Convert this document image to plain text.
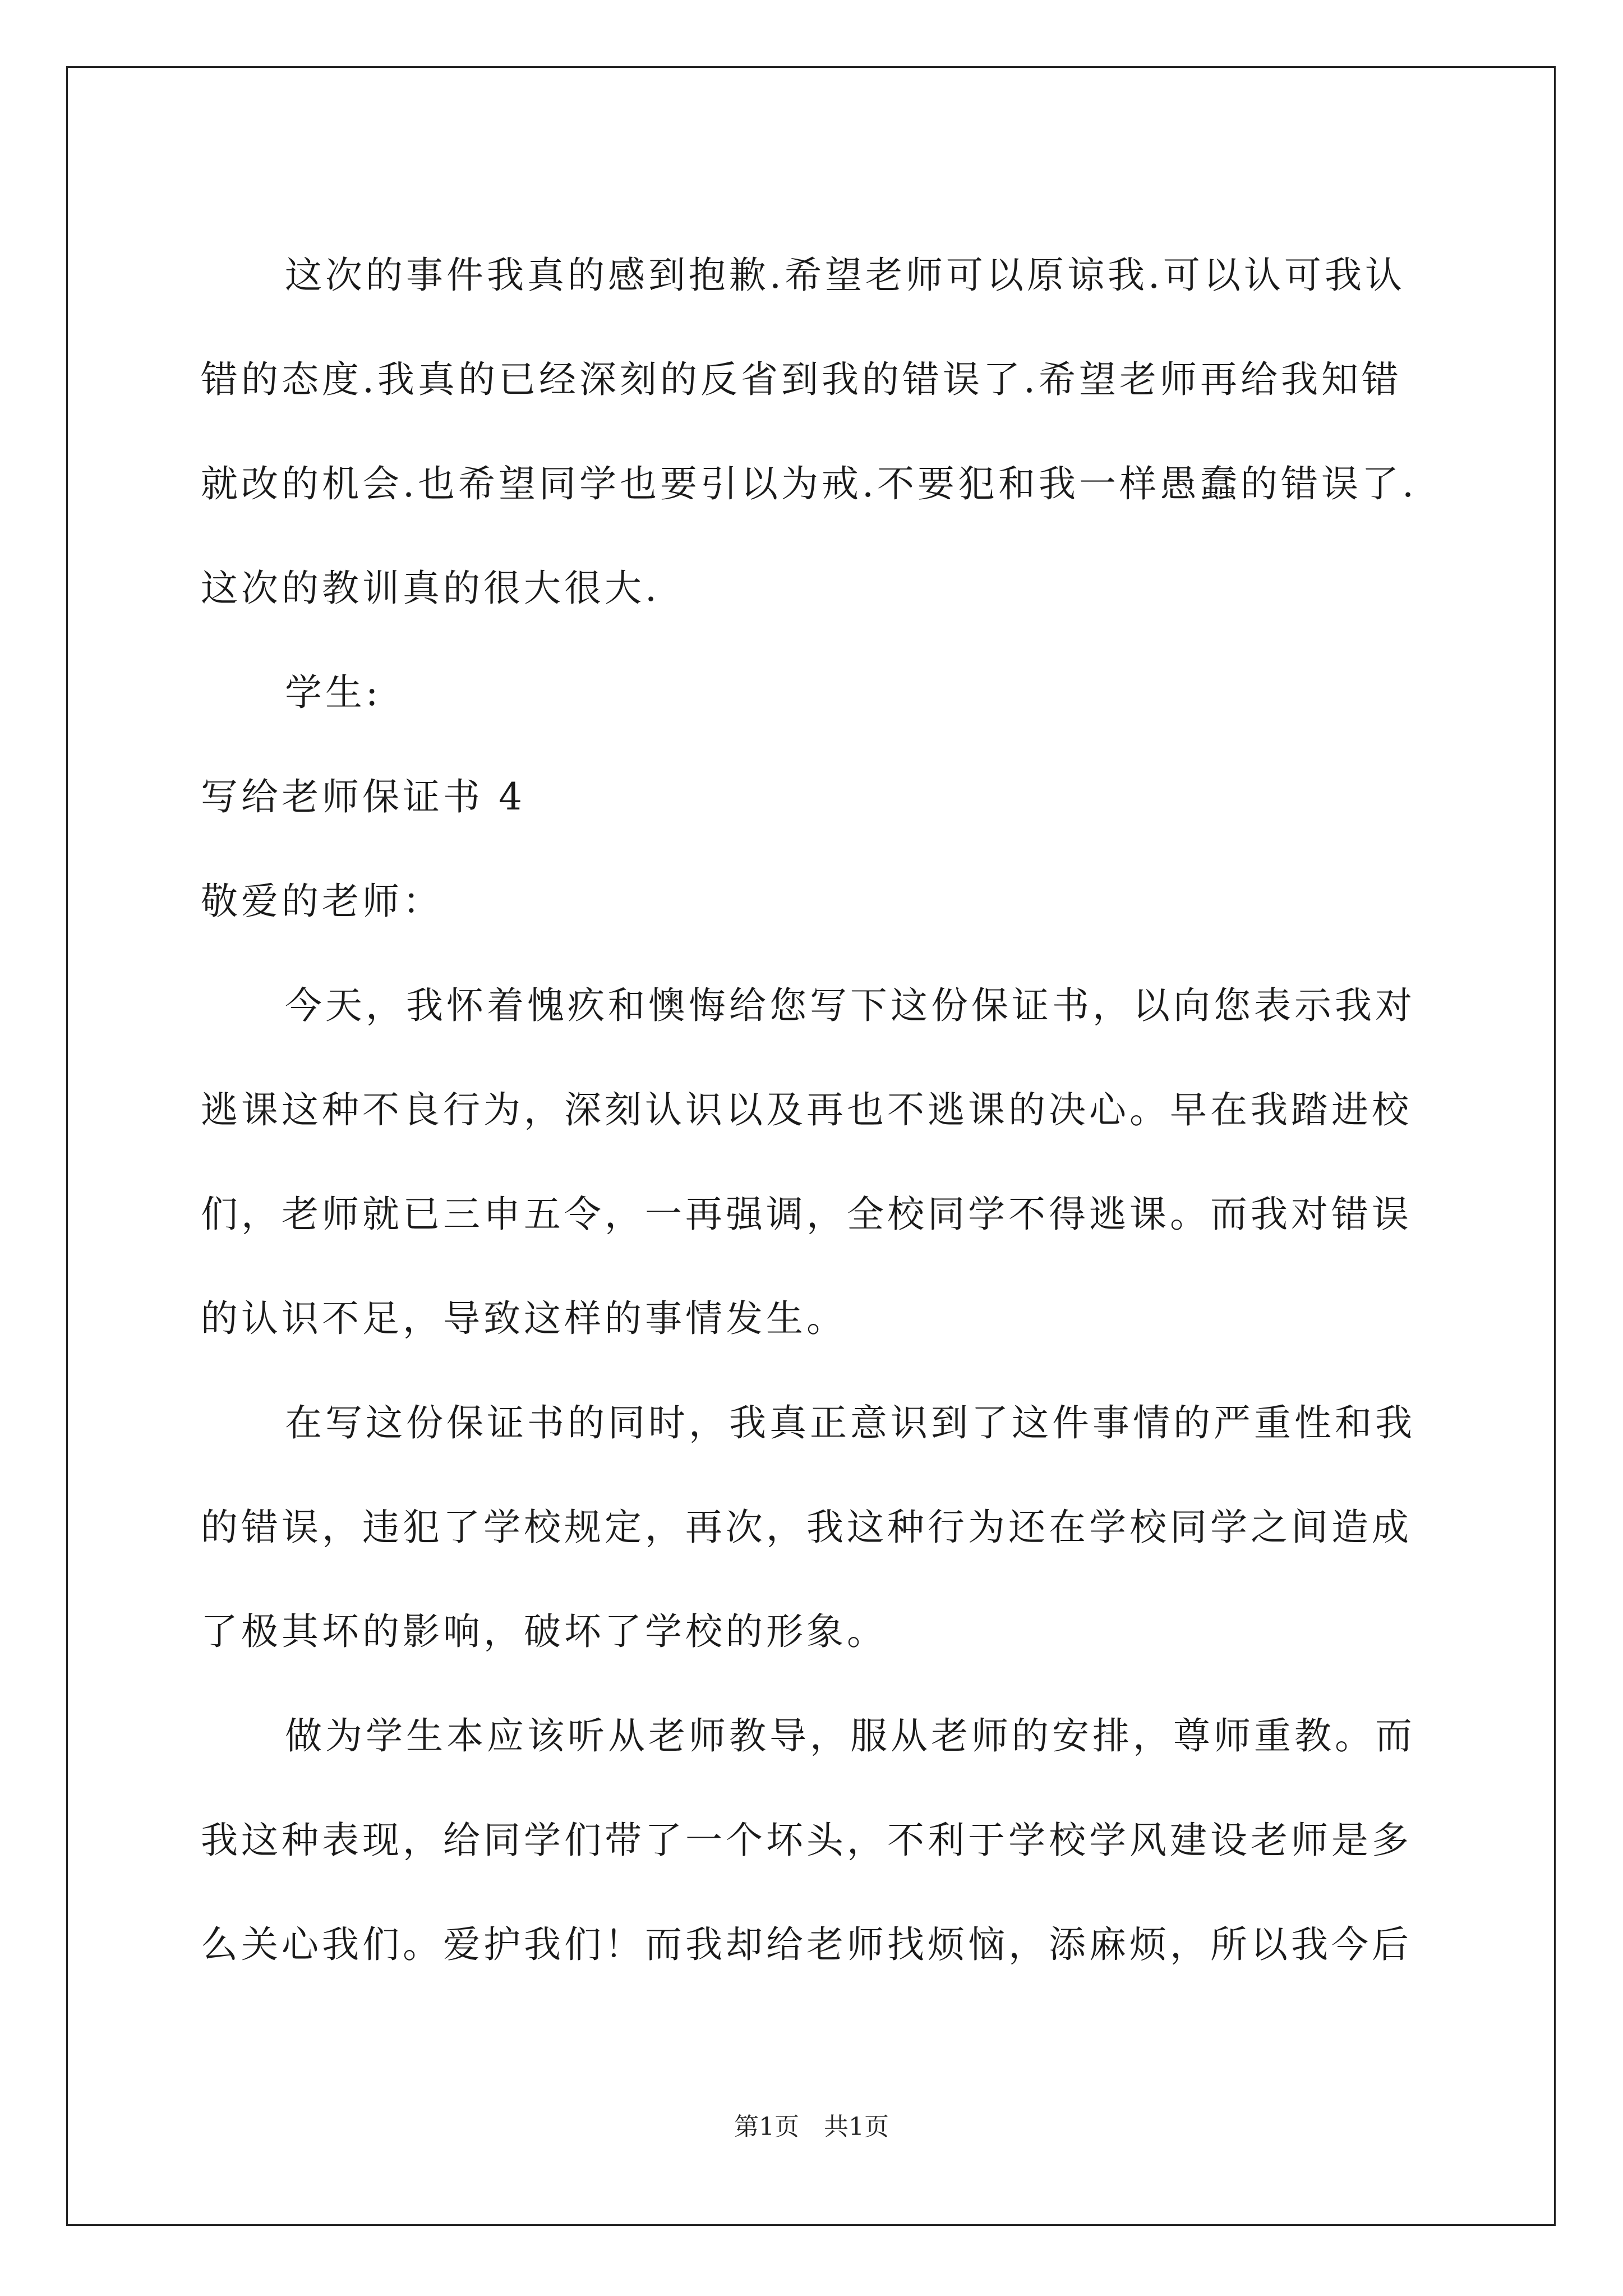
这次的事件我真的感到抱歉.希望老师可以原谅我.可以认可我认
错的态度.我真的已经深刻的反省到我的错误了.希望老师再给我知错
就改的机会.也希望同学也要引以为戒.不要犯和我一样愚蠢的错误了.
这次的教训真的很大很大.
学生:
写给老师保证书 4
敬爱的老师：
今天，我怀着愧疚和懊悔给您写下这份保证书，以向您表示我对
逃课这种不良行为，深刻认识以及再也不逃课的决心。早在我踏进校
们，老师就已三申五令，一再强调，全校同学不得逃课。而我对错误
的认识不足，导致这样的事情发生。
在写这份保证书的同时，我真正意识到了这件事情的严重性和我
的错误，违犯了学校规定，再次，我这种行为还在学校同学之间造成
了极其坏的影响，破坏了学校的形象。
做为学生本应该听从老师教导，服从老师的安排，尊师重教。而
我这种表现，给同学们带了一个坏头，不利于学校学风建设老师是多
么关心我们。爱护我们！而我却给老师找烦恼，添麻烦，所以我今后
第1页　共1页
